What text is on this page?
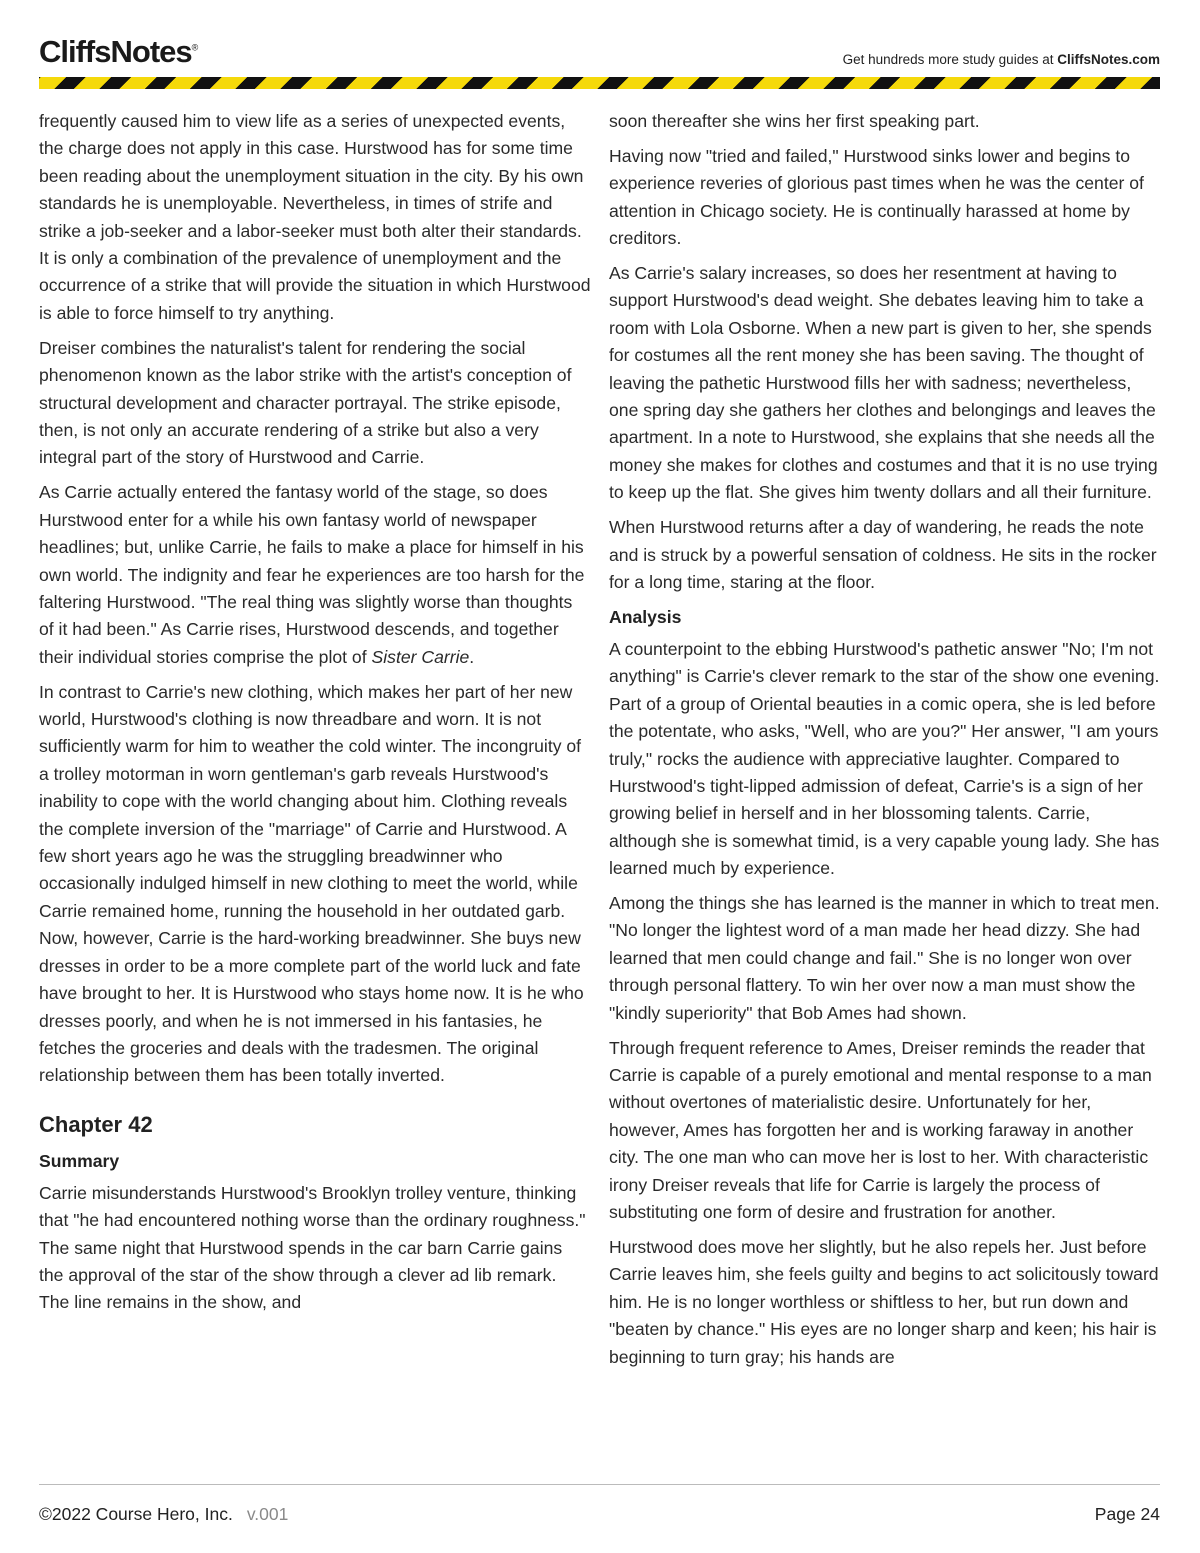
CliffsNotes®
Get hundreds more study guides at CliffsNotes.com

frequently caused him to view life as a series of unexpected events, the charge does not apply in this case. Hurstwood has for some time been reading about the unemployment situation in the city. By his own standards he is unemployable. Nevertheless, in times of strife and strike a job-seeker and a labor-seeker must both alter their standards. It is only a combination of the prevalence of unemployment and the occurrence of a strike that will provide the situation in which Hurstwood is able to force himself to try anything.

Dreiser combines the naturalist's talent for rendering the social phenomenon known as the labor strike with the artist's conception of structural development and character portrayal. The strike episode, then, is not only an accurate rendering of a strike but also a very integral part of the story of Hurstwood and Carrie.

As Carrie actually entered the fantasy world of the stage, so does Hurstwood enter for a while his own fantasy world of newspaper headlines; but, unlike Carrie, he fails to make a place for himself in his own world. The indignity and fear he experiences are too harsh for the faltering Hurstwood. "The real thing was slightly worse than thoughts of it had been." As Carrie rises, Hurstwood descends, and together their individual stories comprise the plot of Sister Carrie.

In contrast to Carrie's new clothing, which makes her part of her new world, Hurstwood's clothing is now threadbare and worn. It is not sufficiently warm for him to weather the cold winter. The incongruity of a trolley motorman in worn gentleman's garb reveals Hurstwood's inability to cope with the world changing about him. Clothing reveals the complete inversion of the "marriage" of Carrie and Hurstwood. A few short years ago he was the struggling breadwinner who occasionally indulged himself in new clothing to meet the world, while Carrie remained home, running the household in her outdated garb. Now, however, Carrie is the hard-working breadwinner. She buys new dresses in order to be a more complete part of the world luck and fate have brought to her. It is Hurstwood who stays home now. It is he who dresses poorly, and when he is not immersed in his fantasies, he fetches the groceries and deals with the tradesmen. The original relationship between them has been totally inverted.

Chapter 42
Summary

Carrie misunderstands Hurstwood's Brooklyn trolley venture, thinking that "he had encountered nothing worse than the ordinary roughness." The same night that Hurstwood spends in the car barn Carrie gains the approval of the star of the show through a clever ad lib remark. The line remains in the show, and

soon thereafter she wins her first speaking part.

Having now "tried and failed," Hurstwood sinks lower and begins to experience reveries of glorious past times when he was the center of attention in Chicago society. He is continually harassed at home by creditors.

As Carrie's salary increases, so does her resentment at having to support Hurstwood's dead weight. She debates leaving him to take a room with Lola Osborne. When a new part is given to her, she spends for costumes all the rent money she has been saving. The thought of leaving the pathetic Hurstwood fills her with sadness; nevertheless, one spring day she gathers her clothes and belongings and leaves the apartment. In a note to Hurstwood, she explains that she needs all the money she makes for clothes and costumes and that it is no use trying to keep up the flat. She gives him twenty dollars and all their furniture.

When Hurstwood returns after a day of wandering, he reads the note and is struck by a powerful sensation of coldness. He sits in the rocker for a long time, staring at the floor.

Analysis

A counterpoint to the ebbing Hurstwood's pathetic answer "No; I'm not anything" is Carrie's clever remark to the star of the show one evening. Part of a group of Oriental beauties in a comic opera, she is led before the potentate, who asks, "Well, who are you?" Her answer, "I am yours truly," rocks the audience with appreciative laughter. Compared to Hurstwood's tight-lipped admission of defeat, Carrie's is a sign of her growing belief in herself and in her blossoming talents. Carrie, although she is somewhat timid, is a very capable young lady. She has learned much by experience.

Among the things she has learned is the manner in which to treat men. "No longer the lightest word of a man made her head dizzy. She had learned that men could change and fail." She is no longer won over through personal flattery. To win her over now a man must show the "kindly superiority" that Bob Ames had shown.

Through frequent reference to Ames, Dreiser reminds the reader that Carrie is capable of a purely emotional and mental response to a man without overtones of materialistic desire. Unfortunately for her, however, Ames has forgotten her and is working faraway in another city. The one man who can move her is lost to her. With characteristic irony Dreiser reveals that life for Carrie is largely the process of substituting one form of desire and frustration for another.

Hurstwood does move her slightly, but he also repels her. Just before Carrie leaves him, she feels guilty and begins to act solicitously toward him. He is no longer worthless or shiftless to her, but run down and "beaten by chance." His eyes are no longer sharp and keen; his hair is beginning to turn gray; his hands are

©2022 Course Hero, Inc. v.001	Page 24
